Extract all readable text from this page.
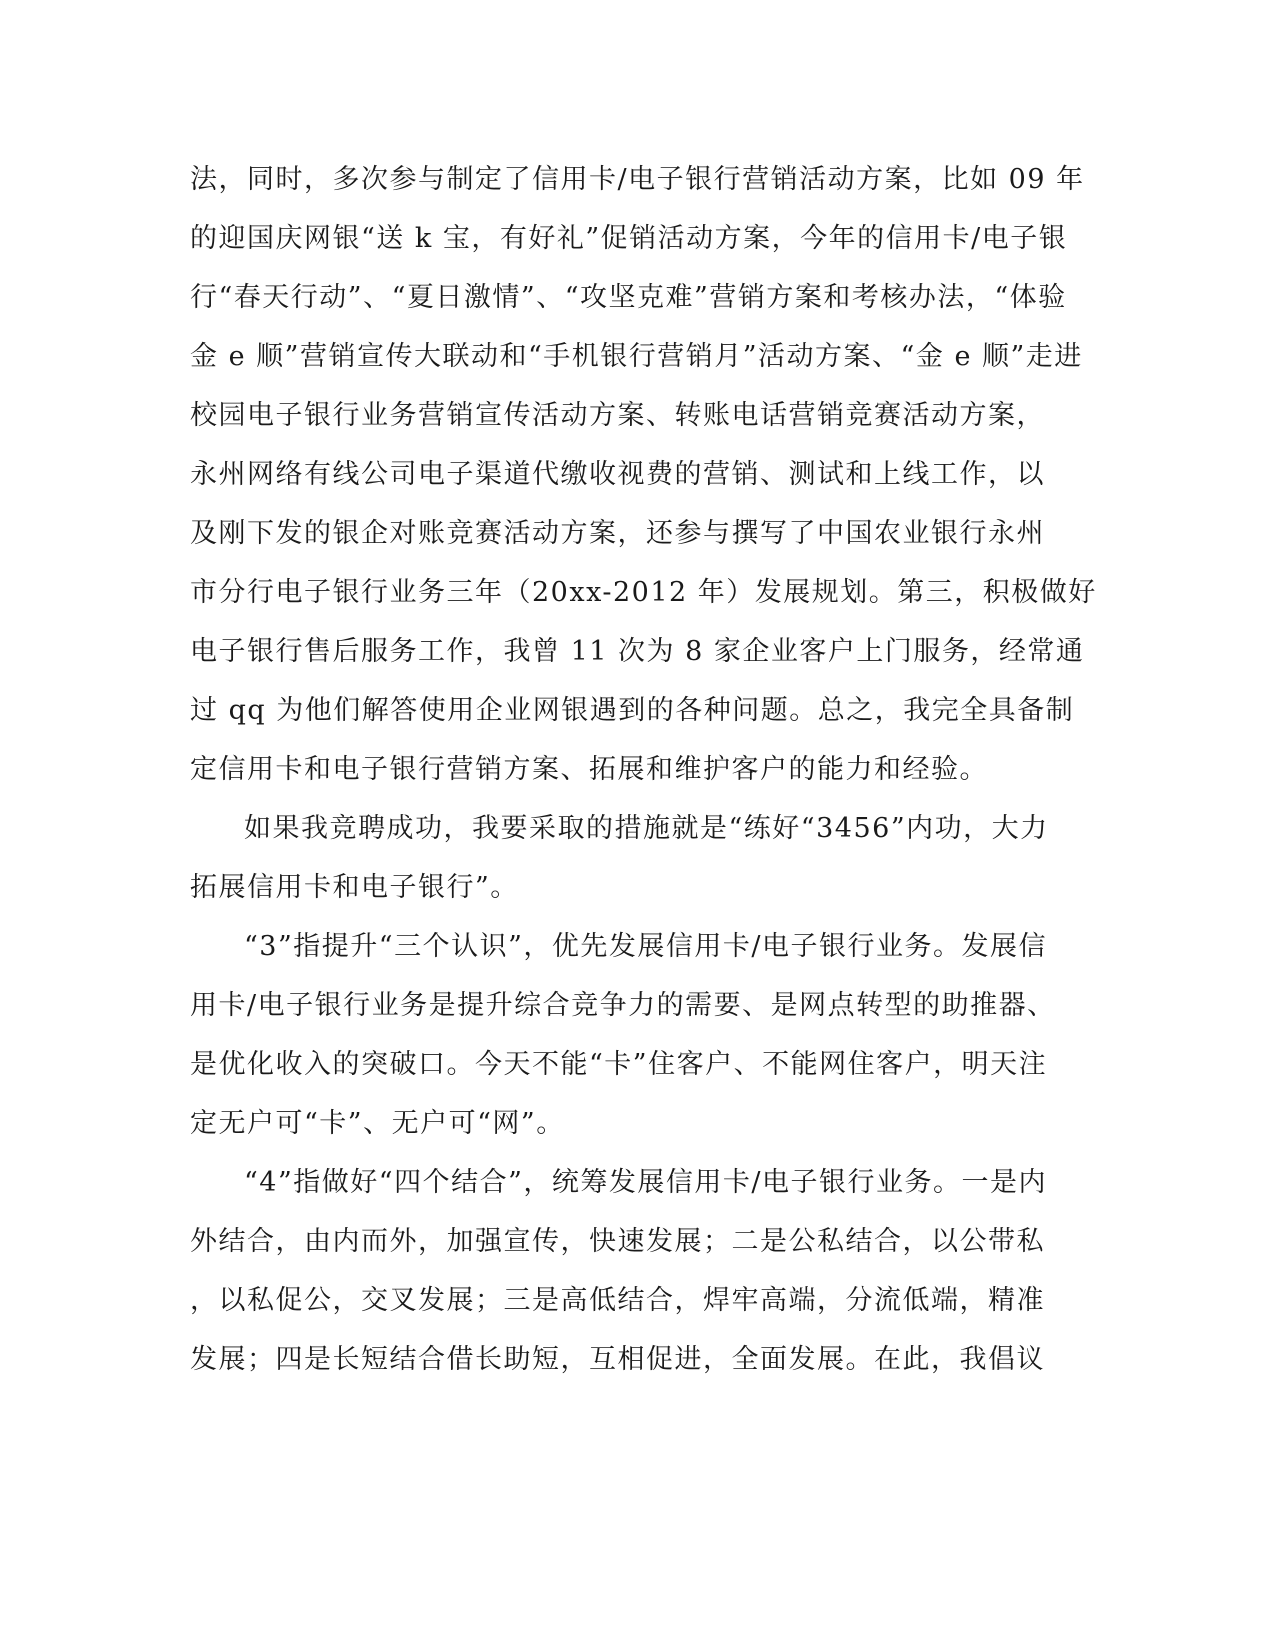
法，同时，多次参与制定了信用卡/电子银行营销活动方案，比如 09 年
的迎国庆网银“送 k 宝，有好礼”促销活动方案，今年的信用卡/电子银
行“春天行动”、“夏日激情”、“攻坚克难”营销方案和考核办法，“体验
金 e 顺”营销宣传大联动和“手机银行营销月”活动方案、“金 e 顺”走进
校园电子银行业务营销宣传活动方案、转账电话营销竞赛活动方案，
永州网络有线公司电子渠道代缴收视费的营销、测试和上线工作，以
及刚下发的银企对账竞赛活动方案，还参与撰写了中国农业银行永州
市分行电子银行业务三年（20xx-2012 年）发展规划。第三，积极做好
电子银行售后服务工作，我曾 11 次为 8 家企业客户上门服务，经常通
过 qq 为他们解答使用企业网银遇到的各种问题。总之，我完全具备制
定信用卡和电子银行营销方案、拓展和维护客户的能力和经验。
如果我竞聘成功，我要采取的措施就是“练好“3456”内功，大力
拓展信用卡和电子银行”。
“3”指提升“三个认识”，优先发展信用卡/电子银行业务。发展信
用卡/电子银行业务是提升综合竞争力的需要、是网点转型的助推器、
是优化收入的突破口。今天不能“卡”住客户、不能网住客户，明天注
定无户可“卡”、无户可“网”。
“4”指做好“四个结合”，统筹发展信用卡/电子银行业务。一是内
外结合，由内而外，加强宣传，快速发展；二是公私结合，以公带私
，以私促公，交叉发展；三是高低结合，焊牢高端，分流低端，精准
发展；四是长短结合借长助短，互相促进，全面发展。在此，我倡议
